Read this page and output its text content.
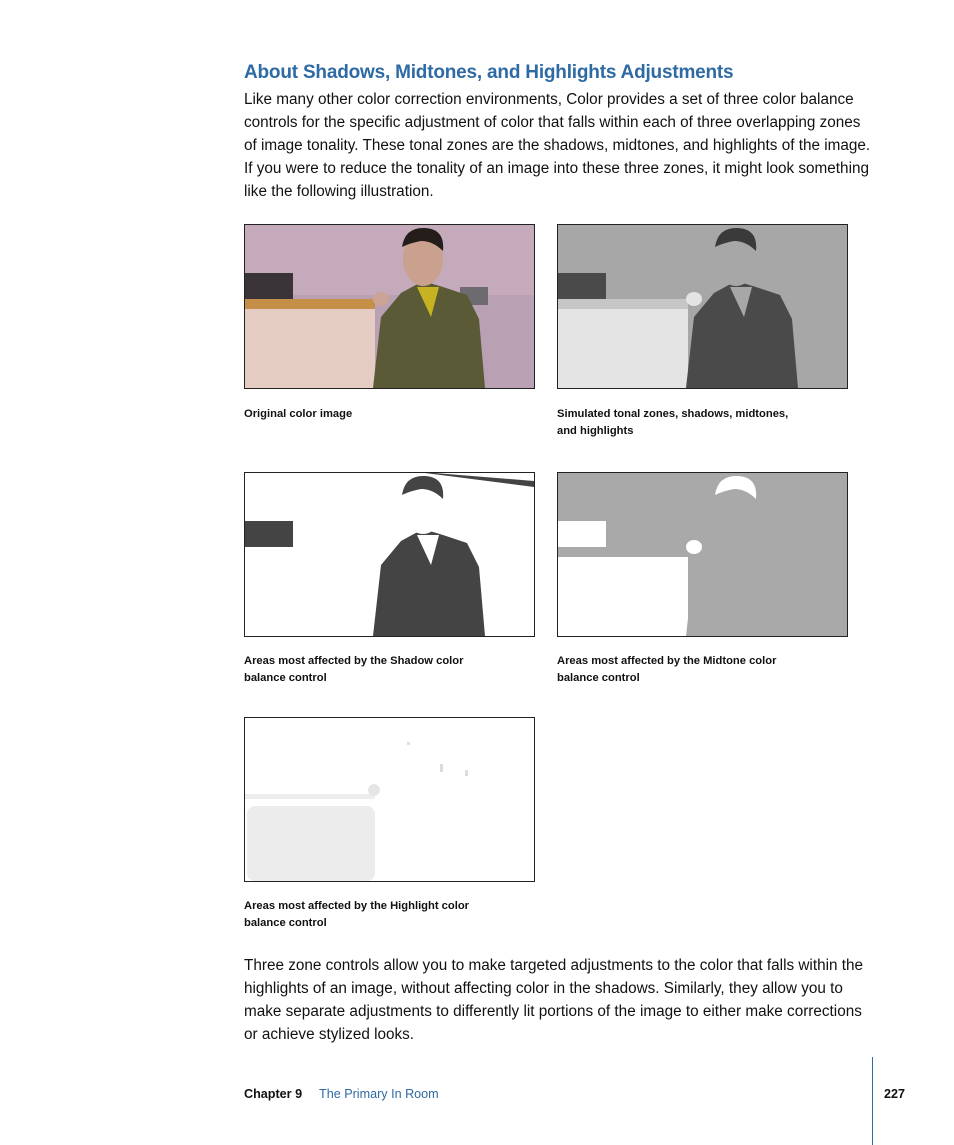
About Shadows, Midtones, and Highlights Adjustments

Like many other color correction environments, Color provides a set of three color balance controls for the specific adjustment of color that falls within each of three overlapping zones of image tonality. These tonal zones are the shadows, midtones, and highlights of the image. If you were to reduce the tonality of an image into these three zones, it might look something like the following illustration.

Original color image	Simulated tonal zones, shadows, midtones, and highlights

Areas most affected by the Shadow color balance control

Areas most affected by the Midtone color balance control

Areas most affected by the Highlight color balance control

Three zone controls allow you to make targeted adjustments to the color that falls within the highlights of an image, without affecting color in the shadows. Similarly, they allow you to make separate adjustments to differently lit portions of the image to either make corrections or achieve stylized looks.

Chapter 9 The Primary In Room	227
